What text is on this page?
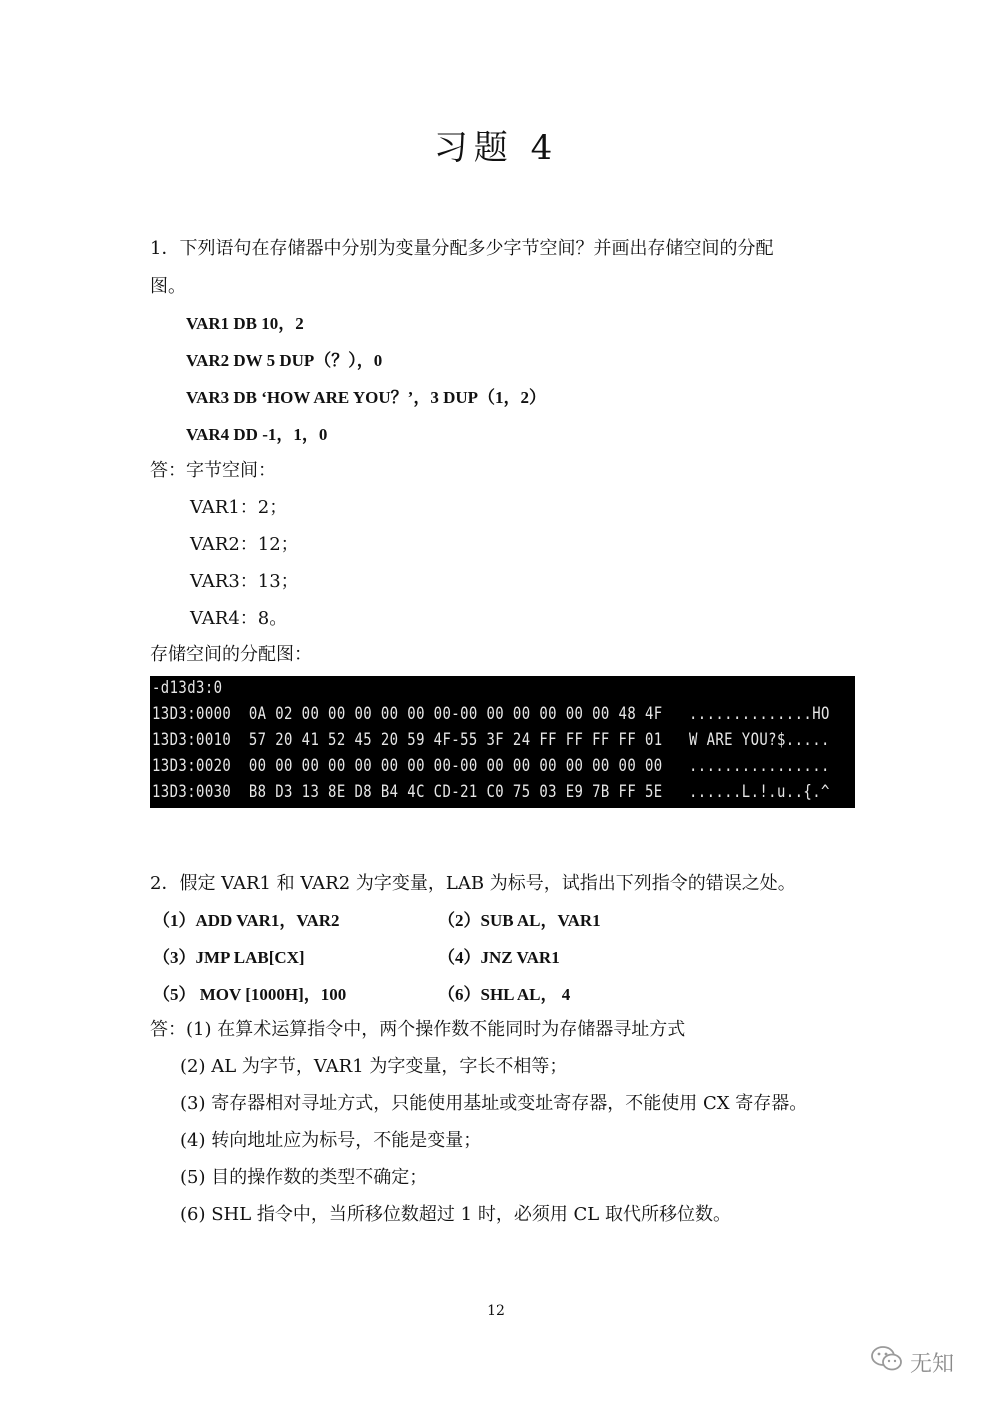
习题 4
1．下列语句在存储器中分别为变量分配多少字节空间？并画出存储空间的分配
图。
VAR1 DB 10，2
VAR2 DW 5 DUP（？），0
VAR3 DB ‘HOW ARE YOU？’，3 DUP（1，2）
VAR4 DD -1，1，0
答：字节空间：
VAR1：2；
VAR2：12；
VAR3：13；
VAR4：8。
存储空间的分配图：
-d13d3:0
13D3:0000  0A 02 00 00 00 00 00 00-00 00 00 00 00 00 48 4F   ..............HO
13D3:0010  57 20 41 52 45 20 59 4F-55 3F 24 FF FF FF FF 01   W ARE YOU?$.....
13D3:0020  00 00 00 00 00 00 00 00-00 00 00 00 00 00 00 00   ................
13D3:0030  B8 D3 13 8E D8 B4 4C CD-21 C0 75 03 E9 7B FF 5E   ......L.!.u..{.^
2．假定 VAR1 和 VAR2 为字变量，LAB 为标号，试指出下列指令的错误之处。
（1）ADD VAR1，VAR2	（2）SUB AL，VAR1
（3）JMP LAB[CX]	（4）JNZ VAR1
（5） MOV [1000H]，100	（6）SHL AL， 4
答：(1) 在算术运算指令中，两个操作数不能同时为存储器寻址方式
(2) AL 为字节，VAR1 为字变量，字长不相等；
(3) 寄存器相对寻址方式，只能使用基址或变址寄存器，不能使用 CX 寄存器。
(4) 转向地址应为标号，不能是变量；
(5) 目的操作数的类型不确定；
(6) SHL 指令中，当所移位数超过 1 时，必须用 CL 取代所移位数。
12
无知
